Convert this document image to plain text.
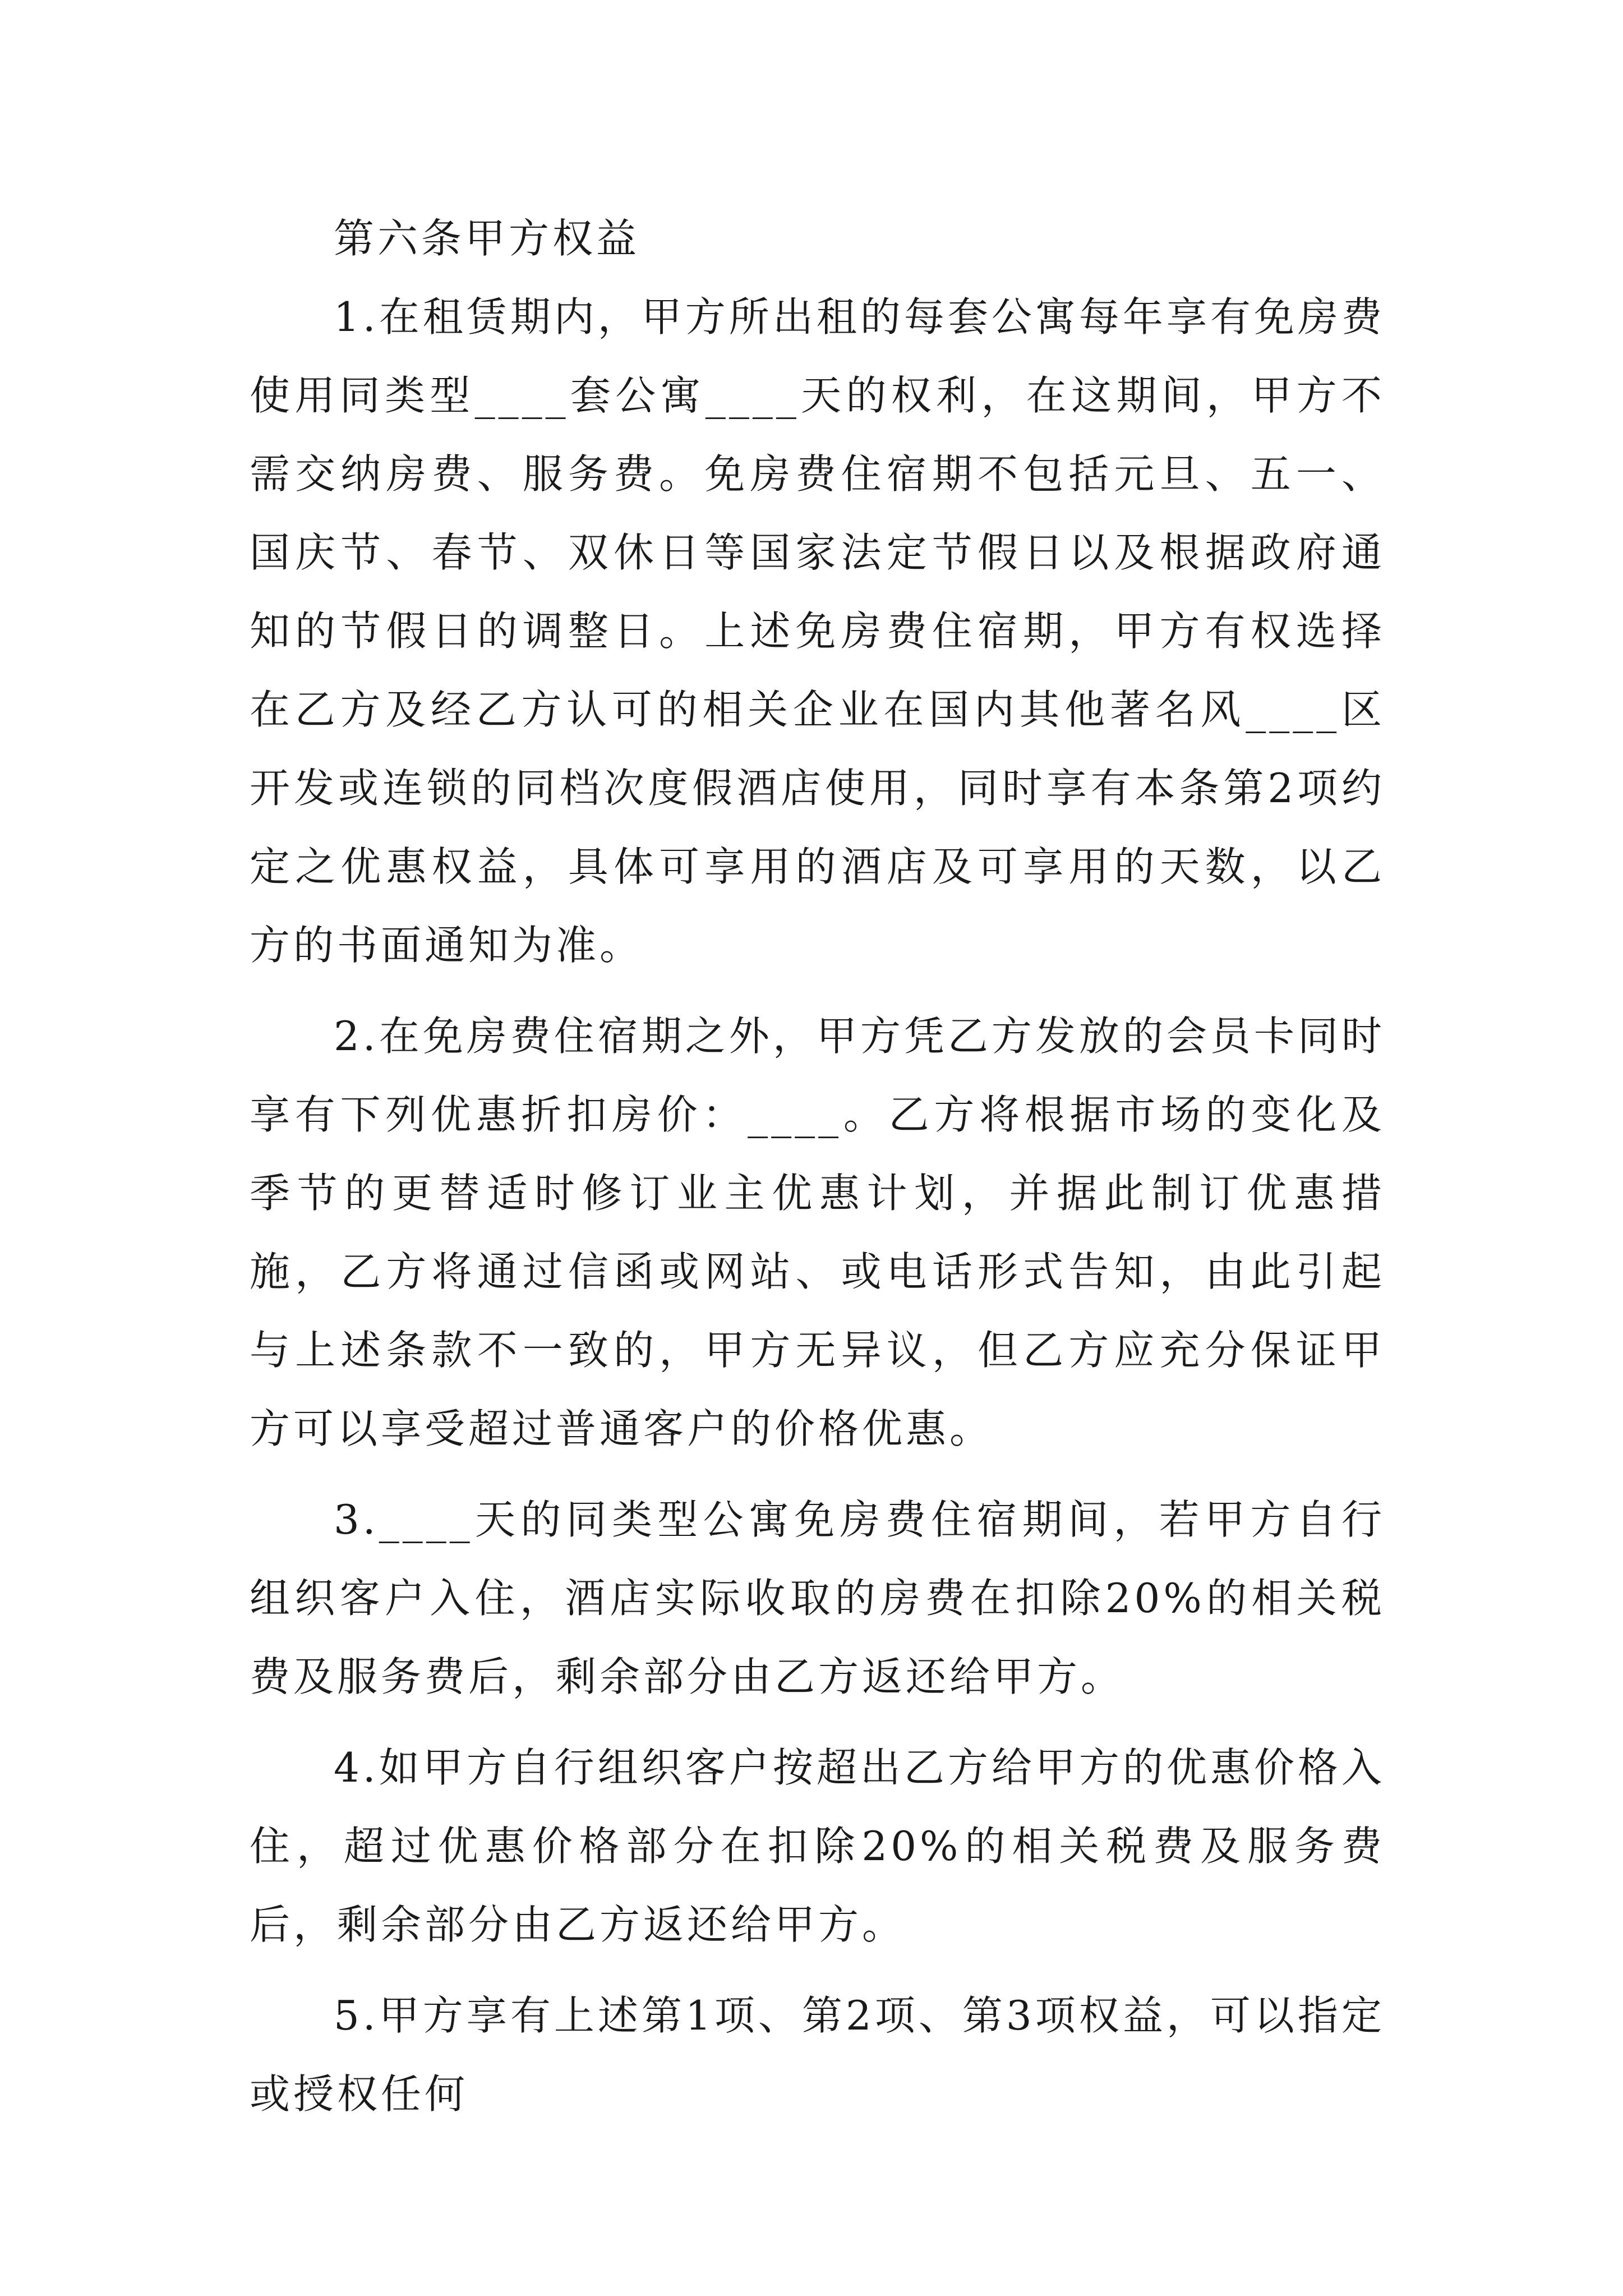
第六条甲方权益

1.在租赁期内，甲方所出租的每套公寓每年享有免房费使用同类型____套公寓____天的权利，在这期间，甲方不需交纳房费、服务费。免房费住宿期不包括元旦、五一、国庆节、春节、双休日等国家法定节假日以及根据政府通知的节假日的调整日。上述免房费住宿期，甲方有权选择在乙方及经乙方认可的相关企业在国内其他著名风____区开发或连锁的同档次度假酒店使用，同时享有本条第2项约定之优惠权益，具体可享用的酒店及可享用的天数，以乙方的书面通知为准。

2.在免房费住宿期之外，甲方凭乙方发放的会员卡同时享有下列优惠折扣房价：____。乙方将根据市场的变化及季节的更替适时修订业主优惠计划，并据此制订优惠措施，乙方将通过信函或网站、或电话形式告知，由此引起与上述条款不一致的，甲方无异议，但乙方应充分保证甲方可以享受超过普通客户的价格优惠。

3.____天的同类型公寓免房费住宿期间，若甲方自行组织客户入住，酒店实际收取的房费在扣除20%的相关税费及服务费后，剩余部分由乙方返还给甲方。

4.如甲方自行组织客户按超出乙方给甲方的优惠价格入住，超过优惠价格部分在扣除20%的相关税费及服务费后，剩余部分由乙方返还给甲方。

5.甲方享有上述第1项、第2项、第3项权益，可以指定或授权任何
